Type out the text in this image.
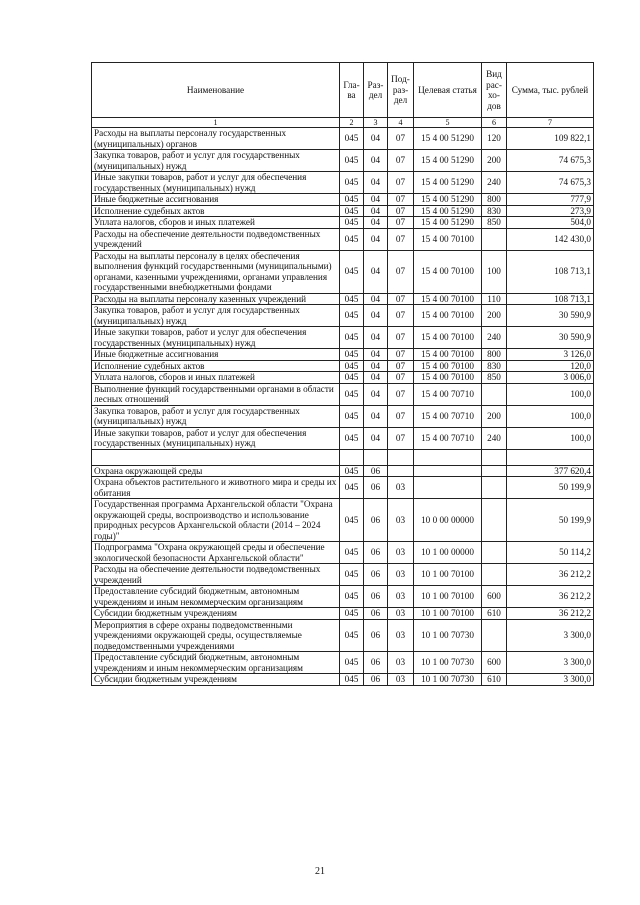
Наименование	Гла- ва	Раз- дел	Под- раз- дел	Целевая статья	Вид рас- хо- дов	Сумма, тыс. рублей
1	2	3	4	5	6	7
Расходы на выплаты персоналу государственных (муниципальных) органов	045	04	07	15 4 00 51290	120	109 822,1
Закупка товаров, работ и услуг для государственных (муниципальных) нужд	045	04	07	15 4 00 51290	200	74 675,3
Иные закупки товаров, работ и услуг для обеспечения государственных (муниципальных) нужд	045	04	07	15 4 00 51290	240	74 675,3
Иные бюджетные ассигнования	045	04	07	15 4 00 51290	800	777,9
Исполнение судебных актов	045	04	07	15 4 00 51290	830	273,9
Уплата налогов, сборов и иных платежей	045	04	07	15 4 00 51290	850	504,0
Расходы на обеспечение деятельности подведомственных учреждений	045	04	07	15 4 00 70100		142 430,0
Расходы на выплаты персоналу в целях обеспечения выполнения функций государственными (муниципальными) органами, казенными учреждениями, органами управления государственными внебюджетными фондами	045	04	07	15 4 00 70100	100	108 713,1
Расходы на выплаты персоналу казенных учреждений	045	04	07	15 4 00 70100	110	108 713,1
Закупка товаров, работ и услуг для государственных (муниципальных) нужд	045	04	07	15 4 00 70100	200	30 590,9
Иные закупки товаров, работ и услуг для обеспечения государственных (муниципальных) нужд	045	04	07	15 4 00 70100	240	30 590,9
Иные бюджетные ассигнования	045	04	07	15 4 00 70100	800	3 126,0
Исполнение судебных актов	045	04	07	15 4 00 70100	830	120,0
Уплата налогов, сборов и иных платежей	045	04	07	15 4 00 70100	850	3 006,0
Выполнение функций государственными органами в области лесных отношений	045	04	07	15 4 00 70710		100,0
Закупка товаров, работ и услуг для государственных (муниципальных) нужд	045	04	07	15 4 00 70710	200	100,0
Иные закупки товаров, работ и услуг для обеспечения государственных (муниципальных) нужд	045	04	07	15 4 00 70710	240	100,0

Охрана окружающей среды	045	06				377 620,4
Охрана объектов растительного и животного мира и среды их обитания	045	06	03			50 199,9
Государственная программа Архангельской области "Охрана окружающей среды, воспроизводство и использование природных ресурсов Архангельской области (2014 – 2024 годы)"	045	06	03	10 0 00 00000		50 199,9
Подпрограмма "Охрана окружающей среды и обеспечение экологической безопасности Архангельской области"	045	06	03	10 1 00 00000		50 114,2
Расходы на обеспечение деятельности подведомственных учреждений	045	06	03	10 1 00 70100		36 212,2
Предоставление субсидий бюджетным, автономным учреждениям и иным некоммерческим организациям	045	06	03	10 1 00 70100	600	36 212,2
Субсидии бюджетным учреждениям	045	06	03	10 1 00 70100	610	36 212,2
Мероприятия в сфере охраны подведомственными учреждениями окружающей среды, осуществляемые подведомственными учреждениями	045	06	03	10 1 00 70730		3 300,0
Предоставление субсидий бюджетным, автономным учреждениям и иным некоммерческим организациям	045	06	03	10 1 00 70730	600	3 300,0
Субсидии бюджетным учреждениям	045	06	03	10 1 00 70730	610	3 300,0
21
